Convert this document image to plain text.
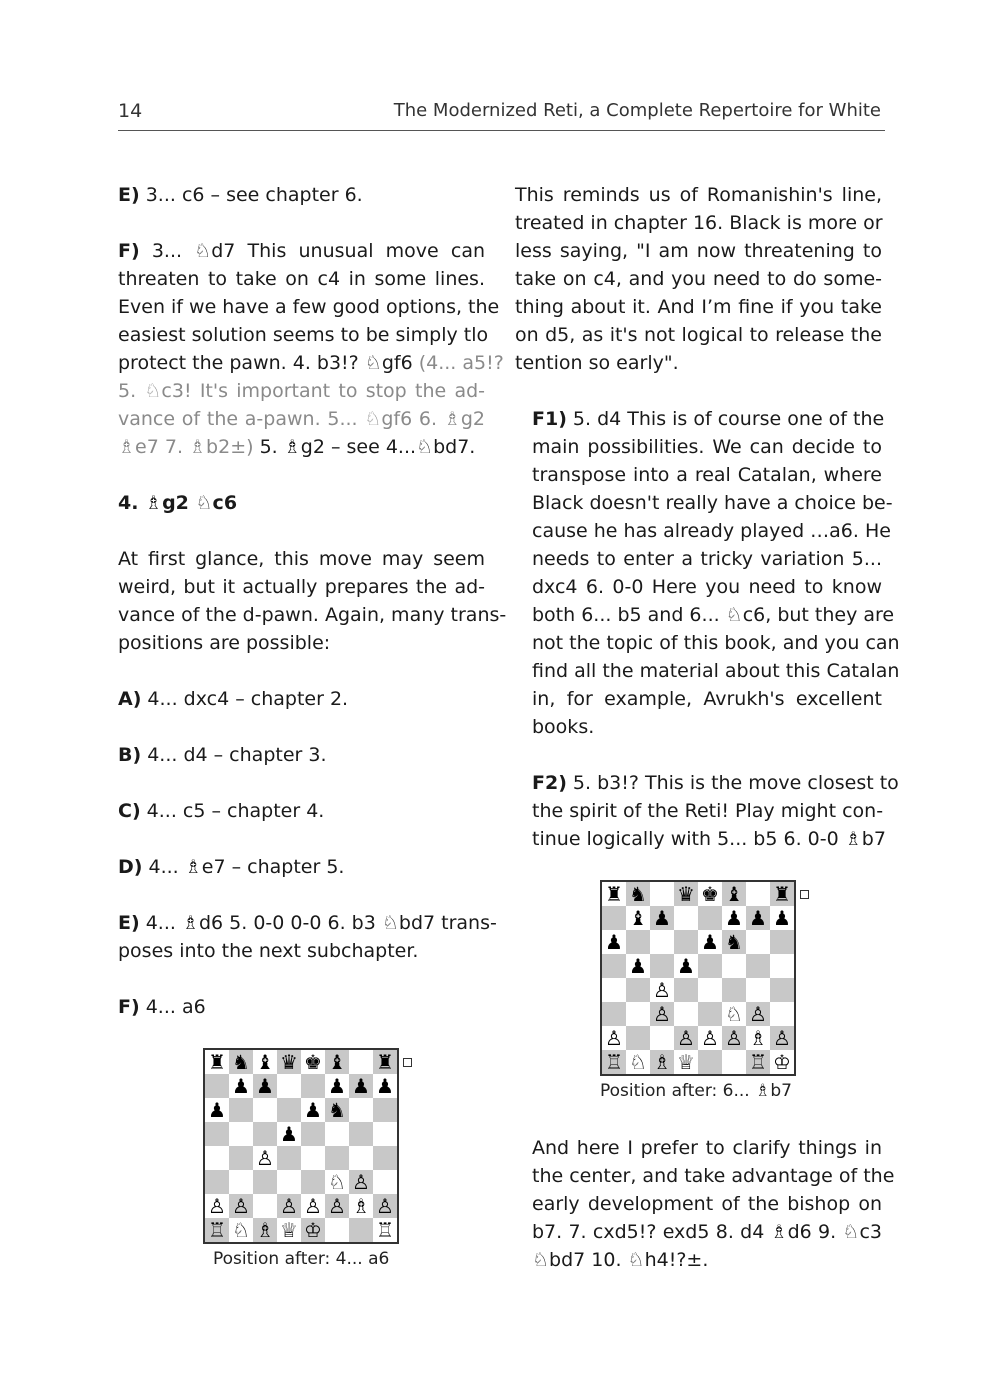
14	The Modernized Reti, a Complete Repertoire for White

E) 3... c6 – see chapter 6.

F) 3... ♘d7 This unusual move can
threaten to take on c4 in some lines.
Even if we have a few good options, the
easiest solution seems to be simply tlo
protect the pawn. 4. b3!? ♘gf6 (4... a5!?
5. ♘c3! It's important to stop the ad-
vance of the a-pawn. 5... ♘gf6 6. ♗g2
♗e7 7. ♗b2±) 5. ♗g2 – see 4...♘bd7.

4. ♗g2 ♘c6

At first glance, this move may seem
weird, but it actually prepares the ad-
vance of the d-pawn. Again, many trans-
positions are possible:

A) 4... dxc4 – chapter 2.

B) 4... d4 – chapter 3.

C) 4... c5 – chapter 4.

D) 4... ♗e7 – chapter 5.

E) 4... ♗d6 5. 0-0 0-0 6. b3 ♘bd7 trans-
poses into the next subchapter.

F) 4... a6

♜ ♞ ♝ ♛ ♚ ♝ ♜
♟ ♟	♟ ♟ ♟
♟	♟ ♞
♟
♙
♘ ♙
♙ ♙ ♙ ♙ ♙ ♗ ♙
♖ ♘ ♗ ♕ ♔	♖
Position after: 4... a6

This reminds us of Romanishin's line,
treated in chapter 16. Black is more or
less saying, "I am now threatening to
take on c4, and you need to do some-
thing about it. And I’m fine if you take
on d5, as it's not logical to release the
tention so early".

F1) 5. d4 This is of course one of the
main possibilities. We can decide to
transpose into a real Catalan, where
Black doesn't really have a choice be-
cause he has already played …a6. He
needs to enter a tricky variation 5...
dxc4 6. 0-0 Here you need to know
both 6... b5 and 6... ♘c6, but they are
not the topic of this book, and you can
find all the material about this Catalan
in, for example, Avrukh's excellent
books.

F2) 5. b3!? This is the move closest to
the spirit of the Reti! Play might con-
tinue logically with 5... b5 6. 0-0 ♗b7

♜ ♞ ♛ ♚ ♝ ♜
♝ ♟	♟ ♟ ♟
♟	♟ ♞
♟ ♟
♙
♙	♘ ♙
♙	♙ ♙ ♙ ♗ ♙
♖ ♘ ♗ ♕	♖ ♔
Position after: 6... ♗b7

And here I prefer to clarify things in
the center, and take advantage of the
early development of the bishop on
b7. 7. cxd5!? exd5 8. d4 ♗d6 9. ♘c3
♘bd7 10. ♘h4!?±.
